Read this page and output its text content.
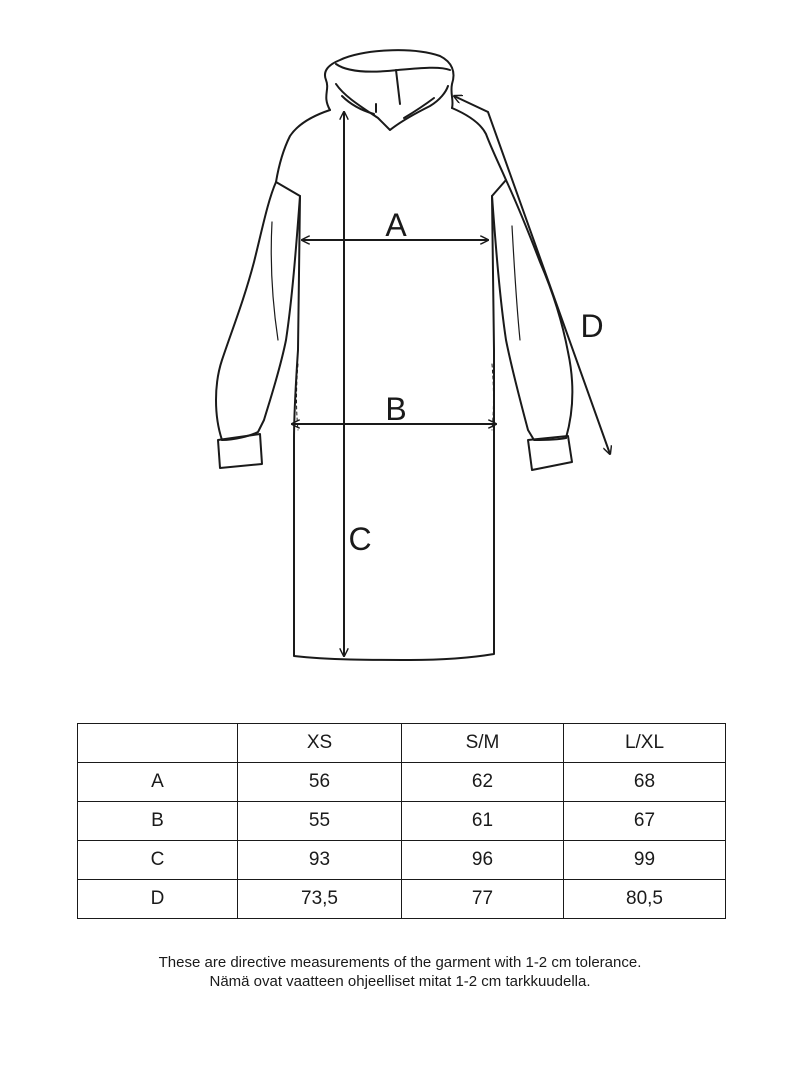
A
B
C
D
	XS	S/M	L/XL
A	56	62	68
B	55	61	67
C	93	96	99
D	73,5	77	80,5
These are directive measurements of the garment with 1-2 cm tolerance.
Nämä ovat vaatteen ohjeelliset mitat 1-2 cm tarkkuudella.
